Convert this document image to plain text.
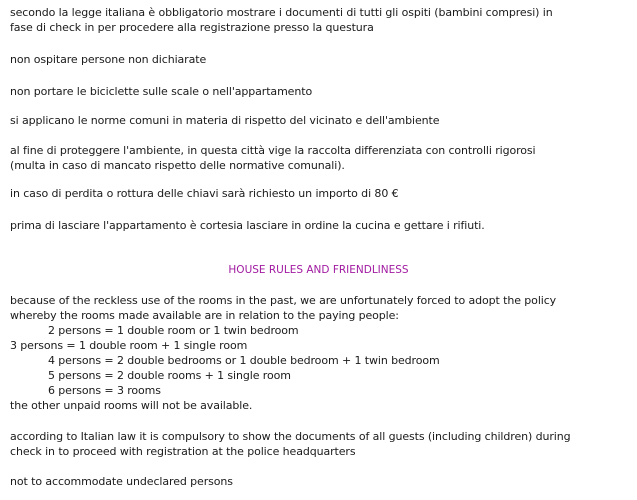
secondo la legge italiana è obbligatorio mostrare i documenti di tutti gli ospiti (bambini compresi) in
fase di check in per procedere alla registrazione presso la questura
non ospitare persone non dichiarate
non portare le biciclette sulle scale o nell'appartamento
si applicano le norme comuni in materia di rispetto del vicinato e dell'ambiente
al fine di proteggere l'ambiente, in questa città vige la raccolta differenziata con controlli rigorosi
(multa in caso di mancato rispetto delle normative comunali).
in caso di perdita o rottura delle chiavi sarà richiesto un importo di 80 €
prima di lasciare l'appartamento è cortesia lasciare in ordine la cucina e gettare i rifiuti.
HOUSE RULES AND FRIENDLINESS
because of the reckless use of the rooms in the past, we are unfortunately forced to adopt the policy
whereby the rooms made available are in relation to the paying people:
2 persons = 1 double room or 1 twin bedroom
3 persons = 1 double room + 1 single room
4 persons = 2 double bedrooms or 1 double bedroom + 1 twin bedroom
5 persons = 2 double rooms + 1 single room
6 persons = 3 rooms
the other unpaid rooms will not be available.
according to Italian law it is compulsory to show the documents of all guests (including children) during
check in to proceed with registration at the police headquarters
not to accommodate undeclared persons
